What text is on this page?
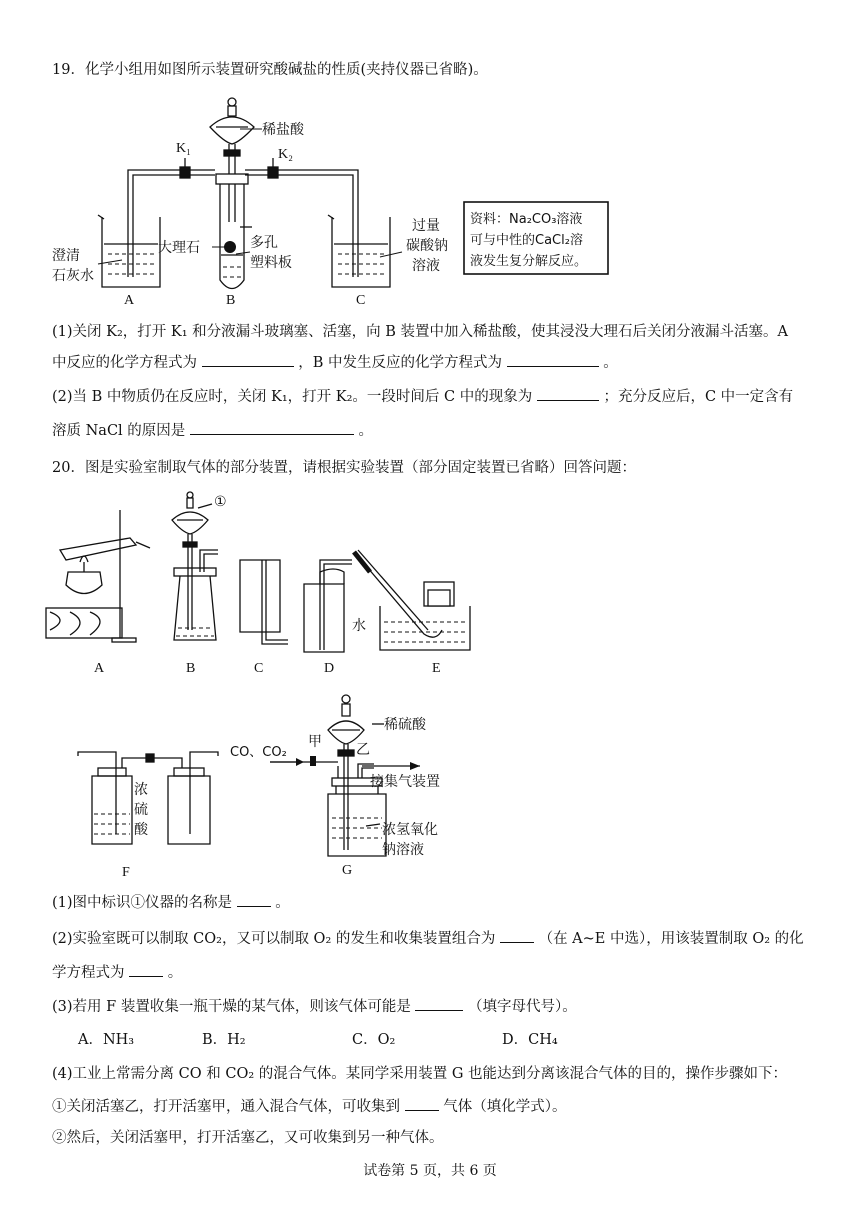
19．化学小组用如图所示装置研究酸碱盐的性质(夹持仪器已省略)。
稀盐酸
K₁	K₂
大理石	多孔
塑料板
澄清
石灰水
过量
碳酸钠
溶液
A	B	C
资料：Na₂CO₃溶液
可与中性的CaCl₂溶
液发生复分解反应。
(1)关闭 K₂，打开 K₁ 和分液漏斗玻璃塞、活塞，向 B 装置中加入稀盐酸，使其浸没大理石后关闭分液漏斗活塞。A
中反应的化学方程式为	，B 中发生反应的化学方程式为	。
(2)当 B 中物质仍在反应时，关闭 K₁，打开 K₂。一段时间后 C 中的现象为	；充分反应后，C 中一定含有
溶质 NaCl 的原因是	。
20．图是实验室制取气体的部分装置，请根据实验装置（部分固定装置已省略）回答问题：
①
水
A	B	C	D	E
浓
硫
酸
CO、CO₂
甲 乙
稀硫酸
接集气装置
浓氢氧化
钠溶液
F	G
(1)图中标识①仪器的名称是	。
(2)实验室既可以制取 CO₂，又可以制取 O₂ 的发生和收集装置组合为	（在 A~E 中选），用该装置制取 O₂ 的化
学方程式为	。
(3)若用 F 装置收集一瓶干燥的某气体，则该气体可能是	（填字母代号）。
A．NH₃	B．H₂	C．O₂	D．CH₄
(4)工业上常需分离 CO 和 CO₂ 的混合气体。某同学采用装置 G 也能达到分离该混合气体的目的，操作步骤如下：
①关闭活塞乙，打开活塞甲，通入混合气体，可收集到	气体（填化学式）。
②然后，关闭活塞甲，打开活塞乙，又可收集到另一种气体。
试卷第 5 页，共 6 页
